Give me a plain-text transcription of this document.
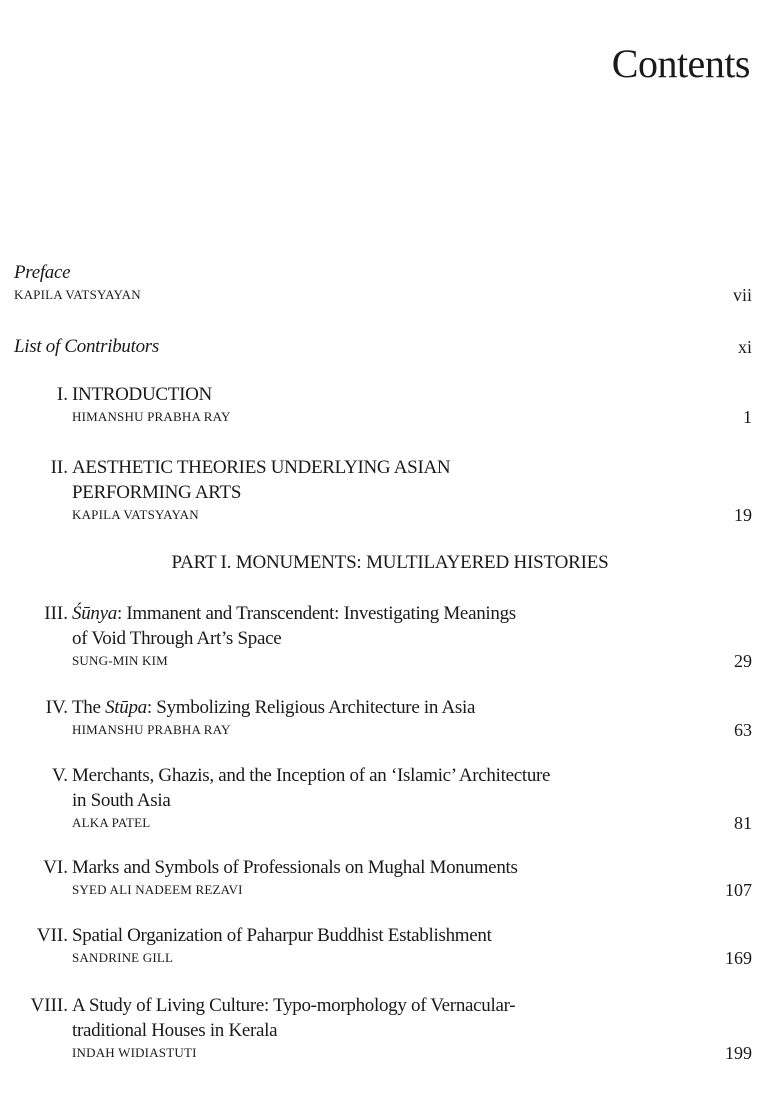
Contents
Preface
KAPILA VATSYAYAN	vii
List of Contributors	xi
I. INTRODUCTION
HIMANSHU PRABHA RAY	1
II. AESTHETIC THEORIES UNDERLYING ASIAN
PERFORMING ARTS
KAPILA VATSYAYAN	19
III. Śūnya: Immanent and Transcendent: Investigating Meanings
of Void Through Art’s Space
SUNG-MIN KIM	29
IV. The Stūpa: Symbolizing Religious Architecture in Asia
HIMANSHU PRABHA RAY	63
V. Merchants, Ghazis, and the Inception of an ‘Islamic’ Architecture
in South Asia
ALKA PATEL	81
VI. Marks and Symbols of Professionals on Mughal Monuments
SYED ALI NADEEM REZAVI	107
VII. Spatial Organization of Paharpur Buddhist Establishment
SANDRINE GILL	169
VIII. A Study of Living Culture: Typo-morphology of Vernacular-
traditional Houses in Kerala
INDAH WIDIASTUTI	199
PART I. MONUMENTS: MULTILAYERED HISTORIES
